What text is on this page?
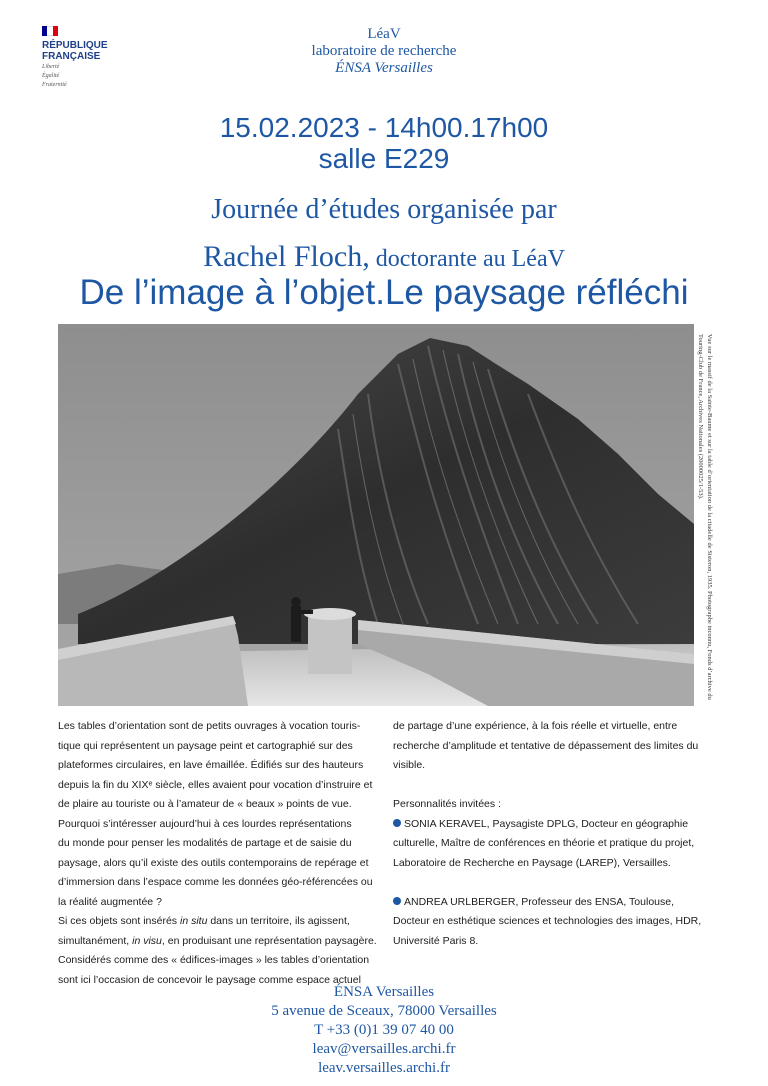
RÉPUBLIQUE
FRANÇAISE
Liberté
Égalité
Fraternité
LéaV
laboratoire de recherche
ÉNSA Versailles
15.02.2023 - 14h00.17h00
salle E229
Journée d’études organisée par
Rachel Floch, doctorante au LéaV
De l’image à l’objet.Le paysage réfléchi

Vue sur le massif de la Sainte-Baume et sur la table d’orientation de la citadelle de Sisteron, 1935. Photographe inconnu, Fonds d’archive du Touring-Club de France, Archives Nationales (20000025/1-53).

Les tables d’orientation sont de petits ouvrages à vocation touris-

tique qui représentent un paysage peint et cartographié sur des

plateformes circulaires, en lave émaillée. Édifiés sur des hauteurs

depuis la fin du XIXᵉ siècle, elles avaient pour vocation d’instruire et

de plaire au touriste ou à l’amateur de « beaux » points de vue.

Pourquoi s’intéresser aujourd’hui à ces lourdes représentations

du monde pour penser les modalités de partage et de saisie du

paysage, alors qu’il existe des outils contemporains de repérage et

d’immersion dans l’espace comme les données géo-référencées ou

la réalité augmentée ?

Si ces objets sont insérés in situ dans un territoire, ils agissent,

simultanément, in visu, en produisant une représentation paysagère.

Considérés comme des « édifices-images » les tables d’orientation

sont ici l’occasion de concevoir le paysage comme espace actuel

de partage d’une expérience, à la fois réelle et virtuelle, entre

recherche d’amplitude et tentative de dépassement des limites du

visible.

Personnalités invitées :

SONIA KERAVEL, Paysagiste DPLG, Docteur en géographie

culturelle, Maître de conférences en théorie et pratique du projet,

Laboratoire de Recherche en Paysage (LAREP), Versailles.

ANDREA URLBERGER, Professeur des ENSA, Toulouse,

Docteur en esthétique sciences et technologies des images, HDR,

Université Paris 8.

ÉNSA Versailles
5 avenue de Sceaux, 78000 Versailles
T +33 (0)1 39 07 40 00
leav@versailles.archi.fr
leav.versailles.archi.fr
